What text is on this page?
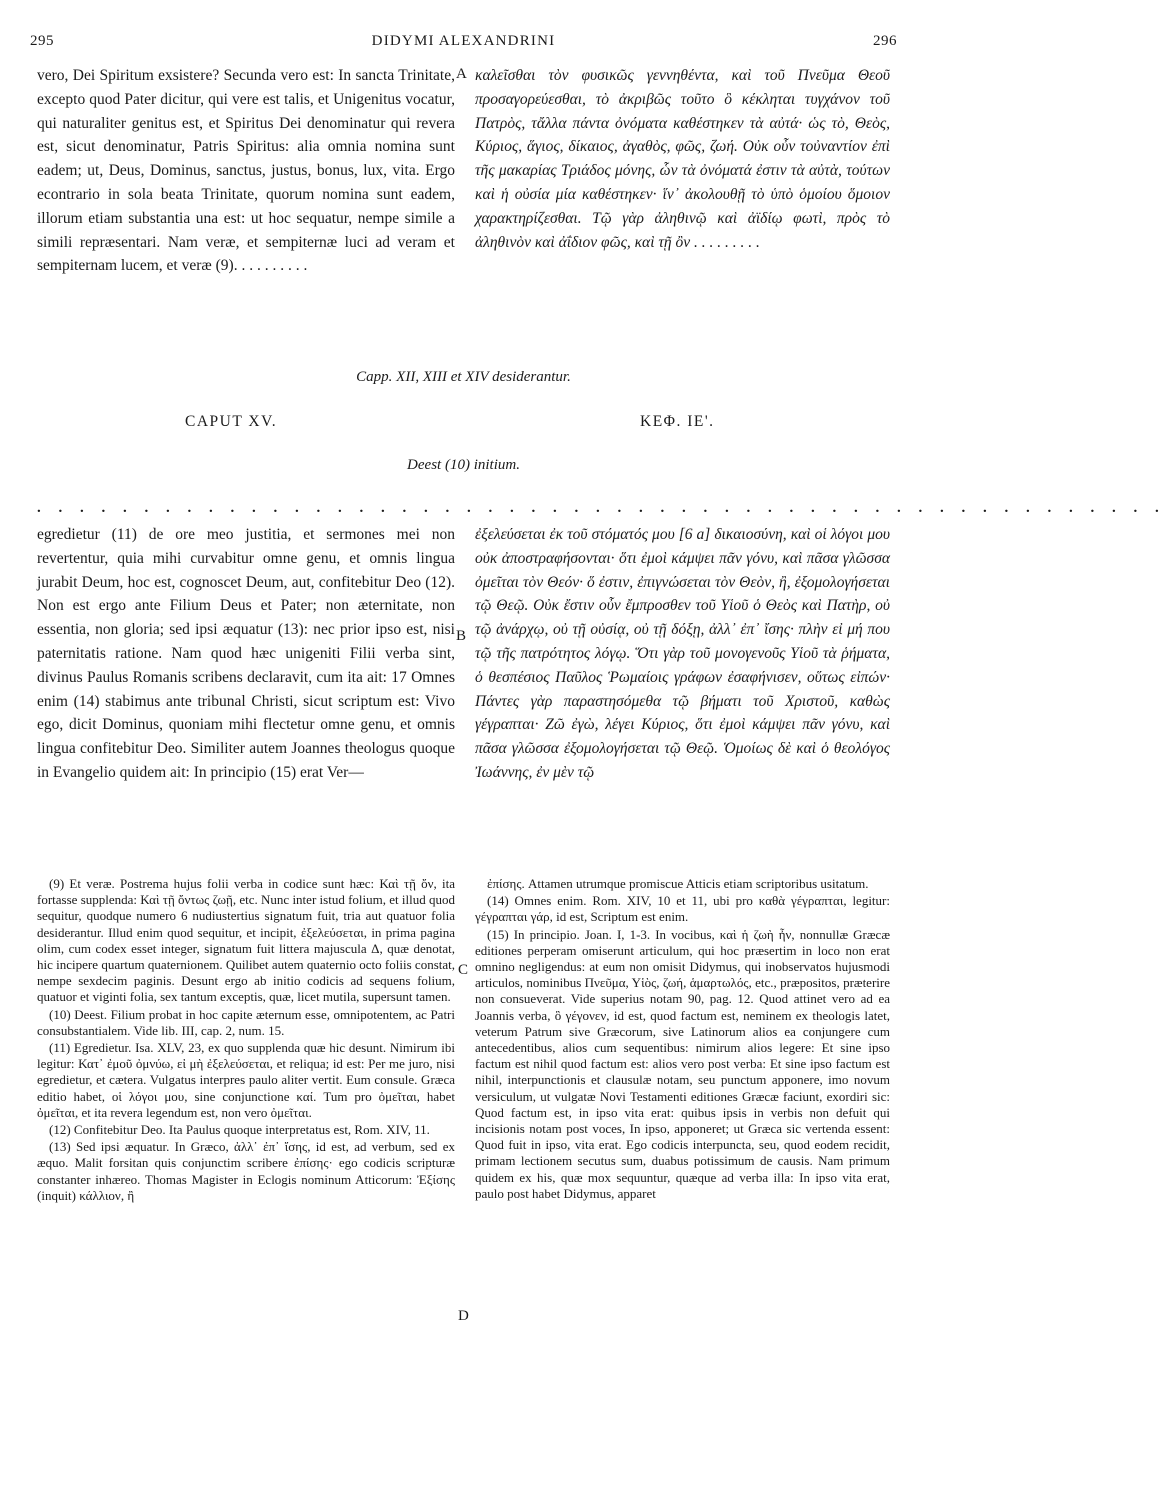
295	DIDYMI ALEXANDRINI	296

vero, Dei Spiritum exsistere? Secunda vero est: In sancta Trinitate, excepto quod Pater dicitur, qui vere est talis, et Unigenitus vocatur, qui naturaliter genitus est, et Spiritus Dei denominatur qui revera est, sicut denominatur, Patris Spiritus: alia omnia nomina sunt eadem; ut, Deus, Dominus, sanctus, justus, bonus, lux, vita. Ergo econtrario in sola beata Trinitate, quorum nomina sunt eadem, illorum etiam substantia una est: ut hoc sequatur, nempe simile a simili repræsentari. Nam veræ, et sempiternæ luci ad veram et sempiternam lucem, et veræ (9). . . . . . . . . .

A καλεῖσθαι τὸν φυσικῶς γεννηθέντα, καὶ τοῦ Πνεῦμα Θεοῦ προσαγορεύεσθαι, τὸ ἀκριβῶς τοῦτο ὃ κέκληται τυγχάνον τοῦ Πατρὸς, τἄλλα πάντα ὀνόματα καθέστηκεν τὰ αὐτά· ὡς τὸ, Θεὸς, Κύριος, ἅγιος, δίκαιος, ἀγαθὸς, φῶς, ζωή. Οὐκ οὖν τοὐναντίον ἐπὶ τῆς μακαρίας Τριάδος μόνης, ὧν τὰ ὀνόματά ἐστιν τὰ αὐτὰ, τούτων καὶ ἡ οὐσία μία καθέστηκεν· ἵν᾽ ἀκολουθῇ τὸ ὑπὸ ὁμοίου ὅμοιον χαρακτηρίζεσθαι. Τῷ γὰρ ἀληθινῷ καὶ ἀϊδίῳ φωτὶ, πρὸς τὸ ἀληθινὸν καὶ ἀΐδιον φῶς, καὶ τῇ ὂν . . . . . . . . .

Capp. XII, XIII et XIV desiderantur.
CAPUT XV.	ΚΕΦ. ΙΕ'.
Deest (10) initium.
. . . . . . . . . . . . . . . . . . . . . . . . . . . . . . . . . . . . . . . . . . . . . . . . . . . . .

egredietur (11) de ore meo justitia, et sermones mei non revertentur, quia mihi curvabitur omne genu, et omnis lingua jurabit Deum, hoc est, cognoscet Deum, aut, confitebitur Deo (12). Non est ergo ante Filium Deus et Pater; non æternitate, non essentia, non gloria; sed ipsi æquatur (13): nec prior ipso est, nisi paternitatis ratione. Nam quod hæc unigeniti Filii verba sint, divinus Paulus Romanis scribens declaravit, cum ita ait: 17 Omnes enim (14) stabimus ante tribunal Christi, sicut scriptum est: Vivo ego, dicit Dominus, quoniam mihi flectetur omne genu, et omnis lingua confitebitur Deo. Similiter autem Joannes theologus quoque in Evangelio quidem ait: In principio (15) erat Ver—

B

ἐξελεύσεται ἐκ τοῦ στόματός μου [6 a] δικαιοσύνη, καὶ οἱ λόγοι μου οὐκ ἀποστραφήσονται· ὅτι ἐμοὶ κάμψει πᾶν γόνυ, καὶ πᾶσα γλῶσσα ὀμεῖται τὸν Θεόν· ὅ ἐστιν, ἐπιγνώσεται τὸν Θεὸν, ἢ, ἐξομολογήσεται τῷ Θεῷ. Οὐκ ἔστιν οὖν ἔμπροσθεν τοῦ Υἱοῦ ὁ Θεὸς καὶ Πατὴρ, οὐ τῷ ἀνάρχῳ, οὐ τῇ οὐσίᾳ, οὐ τῇ δόξῃ, ἀλλ᾽ ἐπ᾽ ἴσης· πλὴν εἰ μή που τῷ τῆς πατρότητος λόγῳ. Ὅτι γὰρ τοῦ μονογενοῦς Υἱοῦ τὰ ῥήματα, ὁ θεσπέσιος Παῦλος Ῥωμαίοις γράφων ἐσαφήνισεν, οὕτως εἰπών· Πάντες γὰρ παραστησόμεθα τῷ βήματι τοῦ Χριστοῦ, καθὼς γέγραπται· Ζῶ ἐγὼ, λέγει Κύριος, ὅτι ἐμοὶ κάμψει πᾶν γόνυ, καὶ πᾶσα γλῶσσα ἐξομολογήσεται τῷ Θεῷ. Ὁμοίως δὲ καὶ ὁ θεολόγος Ἰωάννης, ἐν μὲν τῷ

(9) Et veræ. Postrema hujus folii verba in codice sunt hæc: Καὶ τῇ ὄν, ita fortasse supplenda: Καὶ τῇ ὄντως ζωῇ, etc. Nunc inter istud folium, et illud quod sequitur, quodque numero 6 nudiustertius signatum fuit, tria aut quatuor folia desiderantur. Illud enim quod sequitur, et incipit, ἐξελεύσεται, in prima pagina olim, cum codex esset integer, signatum fuit littera majuscula Δ, quæ denotat, hic incipere quartum quaternionem. Quilibet autem quaternio octo foliis constat, nempe sexdecim paginis. Desunt ergo ab initio codicis ad sequens folium, quatuor et viginti folia, sex tantum exceptis, quæ, licet mutila, supersunt tamen.

(10) Deest. Filium probat in hoc capite æternum esse, omnipotentem, ac Patri consubstantialem. Vide lib. III, cap. 2, num. 15.

(11) Egredietur. Isa. XLV, 23, ex quo supplenda quæ hic desunt. Nimirum ibi legitur: Κατ᾽ ἐμοῦ ὀμνύω, εἰ μὴ ἐξελεύσεται, et reliqua; id est: Per me juro, nisi egredietur, et cætera. Vulgatus interpres paulo aliter vertit. Eum consule. Græca editio habet, οἱ λόγοι μου, sine conjunctione καί. Tum pro ὀμεῖται, habet ὀμεῖται, et ita revera legendum est, non vero ὀμεῖται.

(12) Confitebitur Deo. Ita Paulus quoque interpretatus est, Rom. XIV, 11.

(13) Sed ipsi æquatur. In Græco, ἀλλ᾽ ἐπ᾽ ἴσης, id est, ad verbum, sed ex æquo. Malit forsitan quis conjunctim scribere ἐπίσης· ego codicis scripturæ constanter inhæreo. Thomas Magister in Eclogis nominum Atticorum: Ἐξίσης (inquit) κάλλιον, ἢ

C
D

ἐπίσης. Attamen utrumque promiscue Atticis etiam scriptoribus usitatum.

(14) Omnes enim. Rom. XIV, 10 et 11, ubi pro καθὰ γέγραπται, legitur: γέγραπται γάρ, id est, Scriptum est enim.

(15) In principio. Joan. I, 1-3. In vocibus, καὶ ἡ ζωὴ ἦν, nonnullæ Græcæ editiones perperam omiserunt articulum, qui hoc præsertim in loco non erat omnino negligendus: at eum non omisit Didymus, qui inobservatos hujusmodi articulos, nominibus Πνεῦμα, Υἱὸς, ζωή, ἁμαρτωλός, etc., præpositos, præterire non consueverat. Vide superius notam 90, pag. 12. Quod attinet vero ad ea Joannis verba, ὃ γέγονεν, id est, quod factum est, neminem ex theologis latet, veterum Patrum sive Græcorum, sive Latinorum alios ea conjungere cum antecedentibus, alios cum sequentibus: nimirum alios legere: Et sine ipso factum est nihil quod factum est: alios vero post verba: Et sine ipso factum est nihil, interpunctionis et clausulæ notam, seu punctum apponere, imo novum versiculum, ut vulgatæ Novi Testamenti editiones Græcæ faciunt, exordiri sic: Quod factum est, in ipso vita erat: quibus ipsis in verbis non defuit qui incisionis notam post voces, In ipso, apponeret; ut Græca sic vertenda essent: Quod fuit in ipso, vita erat. Ego codicis interpuncta, seu, quod eodem recidit, primam lectionem secutus sum, duabus potissimum de causis. Nam primum quidem ex his, quæ mox sequuntur, quæque ad verba illa: In ipso vita erat, paulo post habet Didymus, apparet
